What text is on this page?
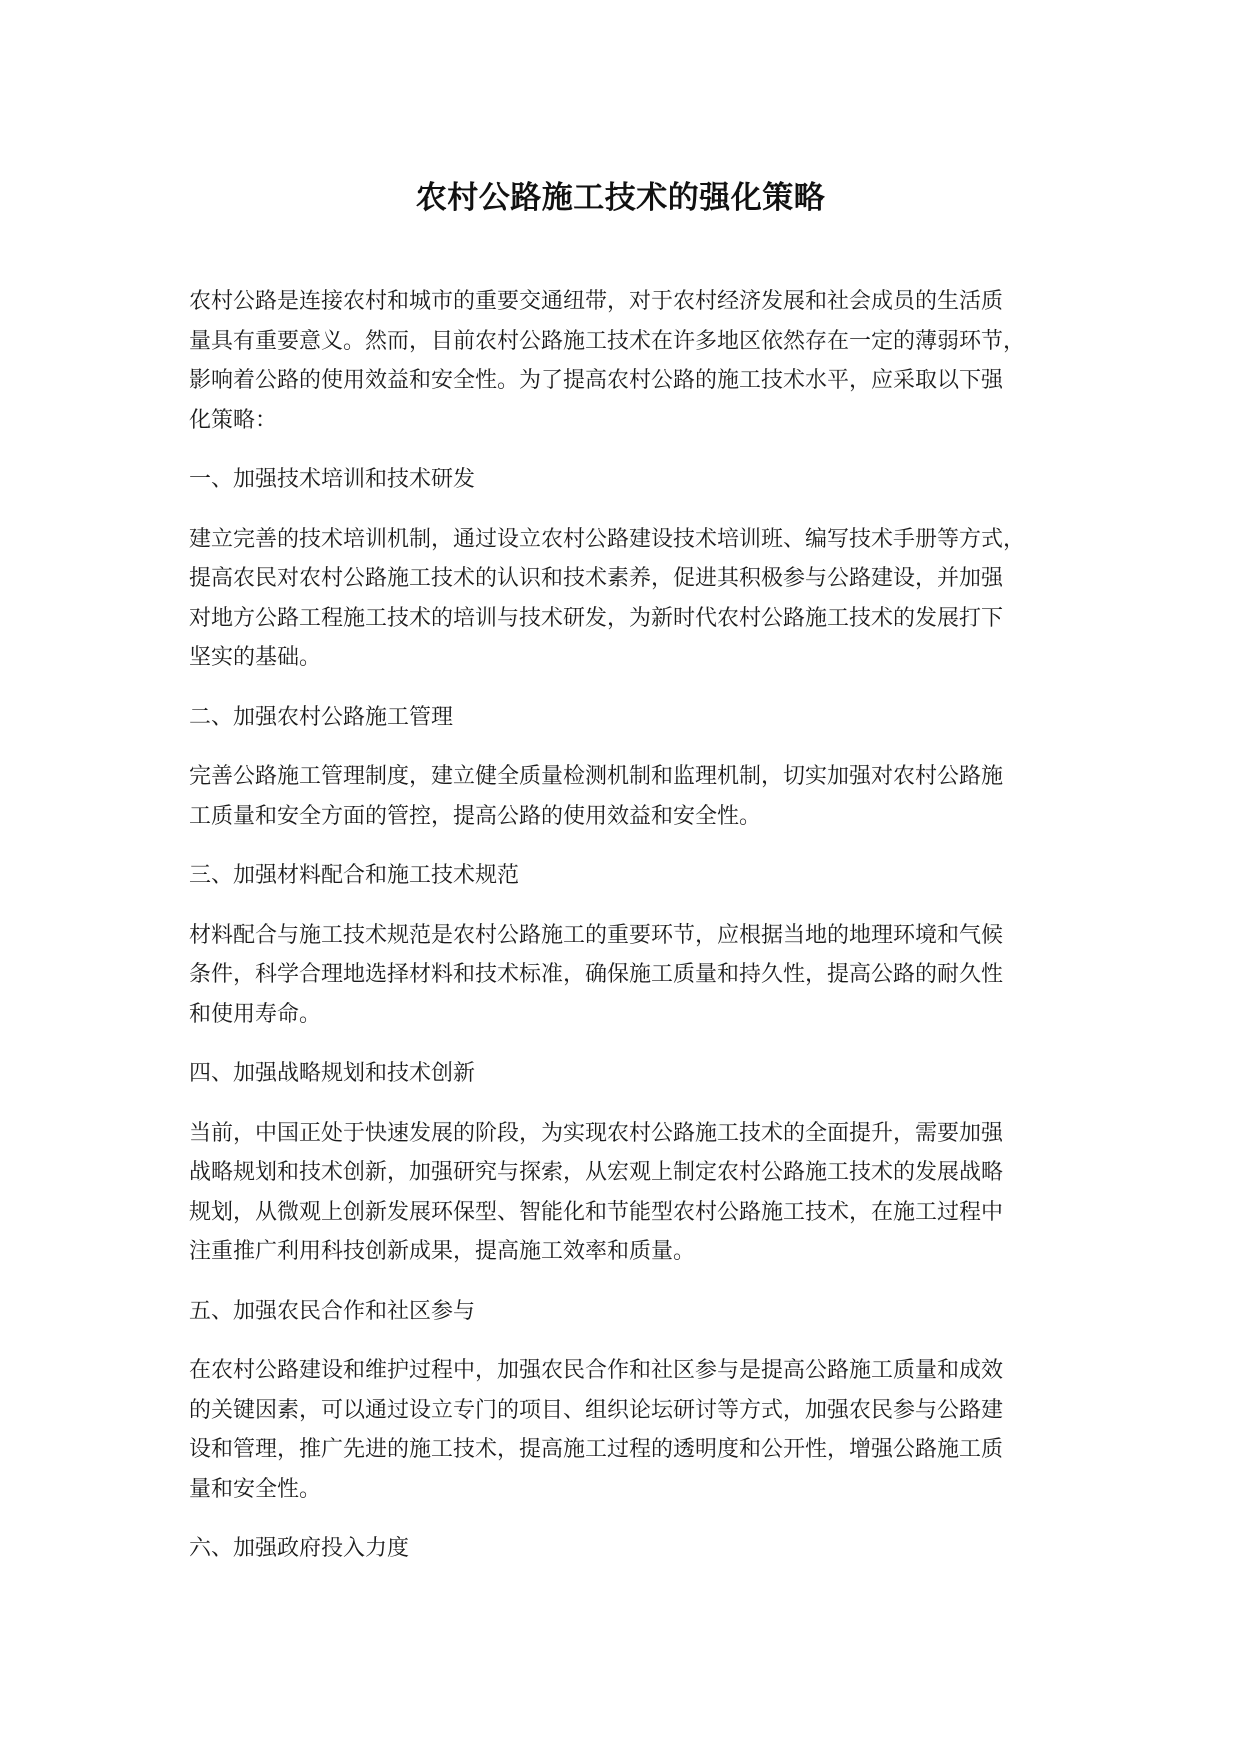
农村公路施工技术的强化策略
农村公路是连接农村和城市的重要交通纽带，对于农村经济发展和社会成员的生活质
量具有重要意义。然而，目前农村公路施工技术在许多地区依然存在一定的薄弱环节，
影响着公路的使用效益和安全性。为了提高农村公路的施工技术水平，应采取以下强
化策略：
一、加强技术培训和技术研发
建立完善的技术培训机制，通过设立农村公路建设技术培训班、编写技术手册等方式，
提高农民对农村公路施工技术的认识和技术素养，促进其积极参与公路建设，并加强
对地方公路工程施工技术的培训与技术研发，为新时代农村公路施工技术的发展打下
坚实的基础。
二、加强农村公路施工管理
完善公路施工管理制度，建立健全质量检测机制和监理机制，切实加强对农村公路施
工质量和安全方面的管控，提高公路的使用效益和安全性。
三、加强材料配合和施工技术规范
材料配合与施工技术规范是农村公路施工的重要环节，应根据当地的地理环境和气候
条件，科学合理地选择材料和技术标准，确保施工质量和持久性，提高公路的耐久性
和使用寿命。
四、加强战略规划和技术创新
当前，中国正处于快速发展的阶段，为实现农村公路施工技术的全面提升，需要加强
战略规划和技术创新，加强研究与探索，从宏观上制定农村公路施工技术的发展战略
规划，从微观上创新发展环保型、智能化和节能型农村公路施工技术，在施工过程中
注重推广利用科技创新成果，提高施工效率和质量。
五、加强农民合作和社区参与
在农村公路建设和维护过程中，加强农民合作和社区参与是提高公路施工质量和成效
的关键因素，可以通过设立专门的项目、组织论坛研讨等方式，加强农民参与公路建
设和管理，推广先进的施工技术，提高施工过程的透明度和公开性，增强公路施工质
量和安全性。
六、加强政府投入力度
